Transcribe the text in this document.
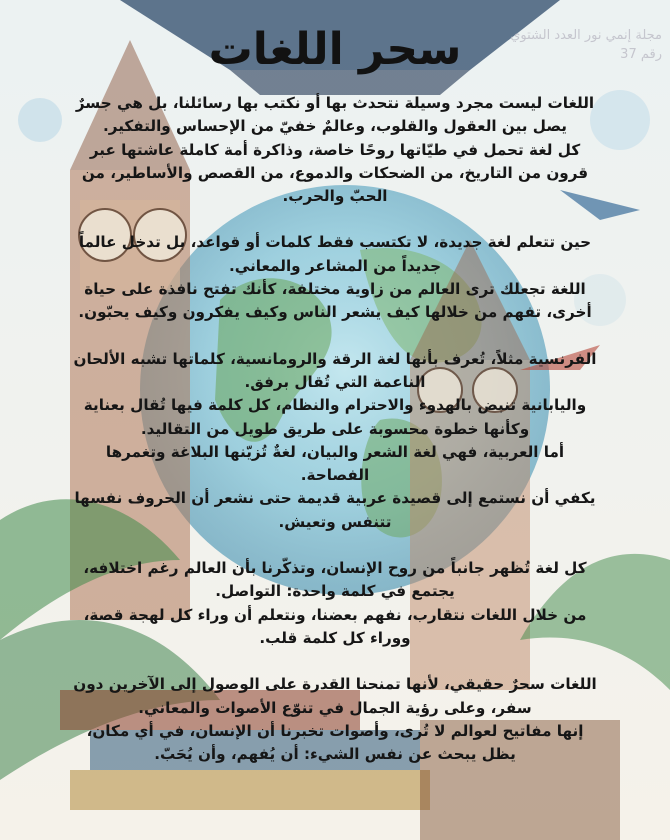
مجلة إنمي نور العدد الشتوي
رقم 37
سحر اللغات

اللغات ليست مجرد وسيلة نتحدث بها أو نكتب بها رسائلنا، بل هي جسرٌ يصل بين العقول والقلوب، وعالمٌ خفيّ من الإحساس والتفكير.

كل لغة تحمل في طيّاتها روحًا خاصة، وذاكرة أمة كاملة عاشتها عبر قرون من التاريخ، من الضحكات والدموع، من القصص والأساطير، من الحبّ والحرب.

حين تتعلم لغة جديدة، لا تكتسب فقط كلمات أو قواعد، بل تدخل عالماً جديداً من المشاعر والمعاني.

اللغة تجعلك ترى العالم من زاوية مختلفة، كأنك تفتح نافذة على حياة أخرى، تفهم من خلالها كيف يشعر الناس وكيف يفكرون وكيف يحبّون.

الفرنسية مثلاً، تُعرف بأنها لغة الرقة والرومانسية، كلماتها تشبه الألحان الناعمة التي تُقال برفق.

واليابانية تنبض بالهدوء والاحترام والنظام، كل كلمة فيها تُقال بعناية وكأنها خطوة محسوبة على طريق طويل من التقاليد.

أما العربية، فهي لغة الشعر والبيان، لغةٌ تُزيّنها البلاغة وتغمرها الفصاحة.

يكفي أن نستمع إلى قصيدة عربية قديمة حتى نشعر أن الحروف نفسها تتنفس وتعيش.

كل لغة تُظهر جانباً من روح الإنسان، وتذكّرنا بأن العالم رغم اختلافه، يجتمع في كلمة واحدة: التواصل.

من خلال اللغات نتقارب، نفهم بعضنا، ونتعلم أن وراء كل لهجة قصة، ووراء كل كلمة قلب.

اللغات سحرٌ حقيقي، لأنها تمنحنا القدرة على الوصول إلى الآخرين دون سفر، وعلى رؤية الجمال في تنوّع الأصوات والمعاني.

إنها مفاتيح لعوالم لا تُرى، وأصوات تخبرنا أن الإنسان، في أي مكان، يظل يبحث عن نفس الشيء: أن يُفهم، وأن يُحَبّ.
